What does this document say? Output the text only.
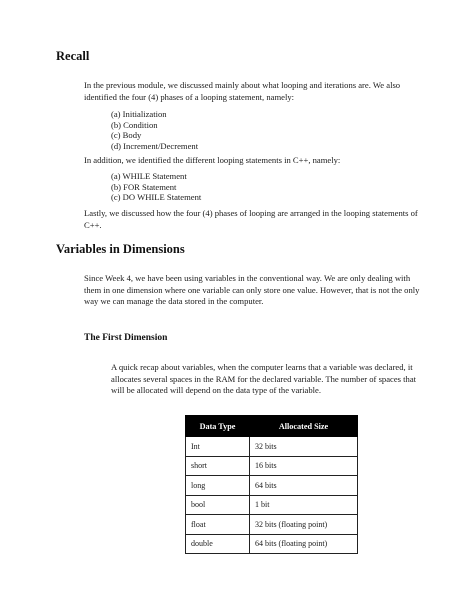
Recall

In the previous module, we discussed mainly about what looping and iterations are. We also identified the four (4) phases of a looping statement, namely:

(a) Initialization
(b) Condition
(c) Body
(d) Increment/Decrement

In addition, we identified the different looping statements in C++, namely:

(a) WHILE Statement
(b) FOR Statement
(c) DO WHILE Statement

Lastly, we discussed how the four (4) phases of looping are arranged in the looping statements of C++.

Variables in Dimensions

Since Week 4, we have been using variables in the conventional way. We are only dealing with them in one dimension where one variable can only store one value. However, that is not the only way we can manage the data stored in the computer.

The First Dimension

A quick recap about variables, when the computer learns that a variable was declared, it allocates several spaces in the RAM for the declared variable. The number of spaces that will be allocated will depend on the data type of the variable.

Data Type	Allocated Size
Int	32 bits
short	16 bits
long	64 bits
bool	1 bit
float	32 bits (floating point)
double	64 bits (floating point)
